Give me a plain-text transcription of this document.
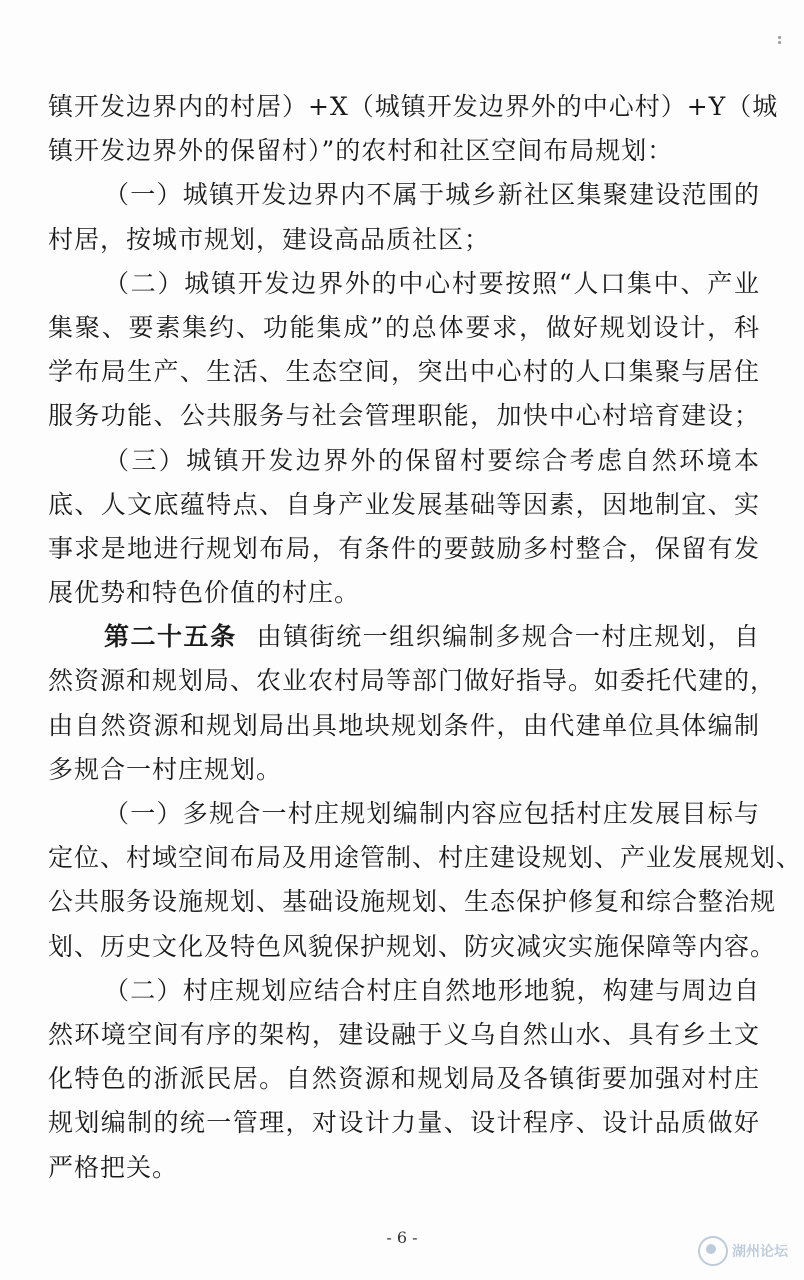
镇开发边界内的村居）+X（城镇开发边界外的中心村）+Y（城
镇开发边界外的保留村）”的农村和社区空间布局规划：
（一）城镇开发边界内不属于城乡新社区集聚建设范围的
村居，按城市规划，建设高品质社区；
（二）城镇开发边界外的中心村要按照“人口集中、产业
集聚、要素集约、功能集成”的总体要求，做好规划设计，科
学布局生产、生活、生态空间，突出中心村的人口集聚与居住
服务功能、公共服务与社会管理职能，加快中心村培育建设；
（三）城镇开发边界外的保留村要综合考虑自然环境本
底、人文底蕴特点、自身产业发展基础等因素，因地制宜、实
事求是地进行规划布局，有条件的要鼓励多村整合，保留有发
展优势和特色价值的村庄。
第二十五条 由镇街统一组织编制多规合一村庄规划，自
然资源和规划局、农业农村局等部门做好指导。如委托代建的，
由自然资源和规划局出具地块规划条件，由代建单位具体编制
多规合一村庄规划。
（一）多规合一村庄规划编制内容应包括村庄发展目标与
定位、村域空间布局及用途管制、村庄建设规划、产业发展规划、
公共服务设施规划、基础设施规划、生态保护修复和综合整治规
划、历史文化及特色风貌保护规划、防灾减灾实施保障等内容。
（二）村庄规划应结合村庄自然地形地貌，构建与周边自
然环境空间有序的架构，建设融于义乌自然山水、具有乡土文
化特色的浙派民居。自然资源和规划局及各镇街要加强对村庄
规划编制的统一管理，对设计力量、设计程序、设计品质做好
严格把关。
- 6 -
湖州论坛
